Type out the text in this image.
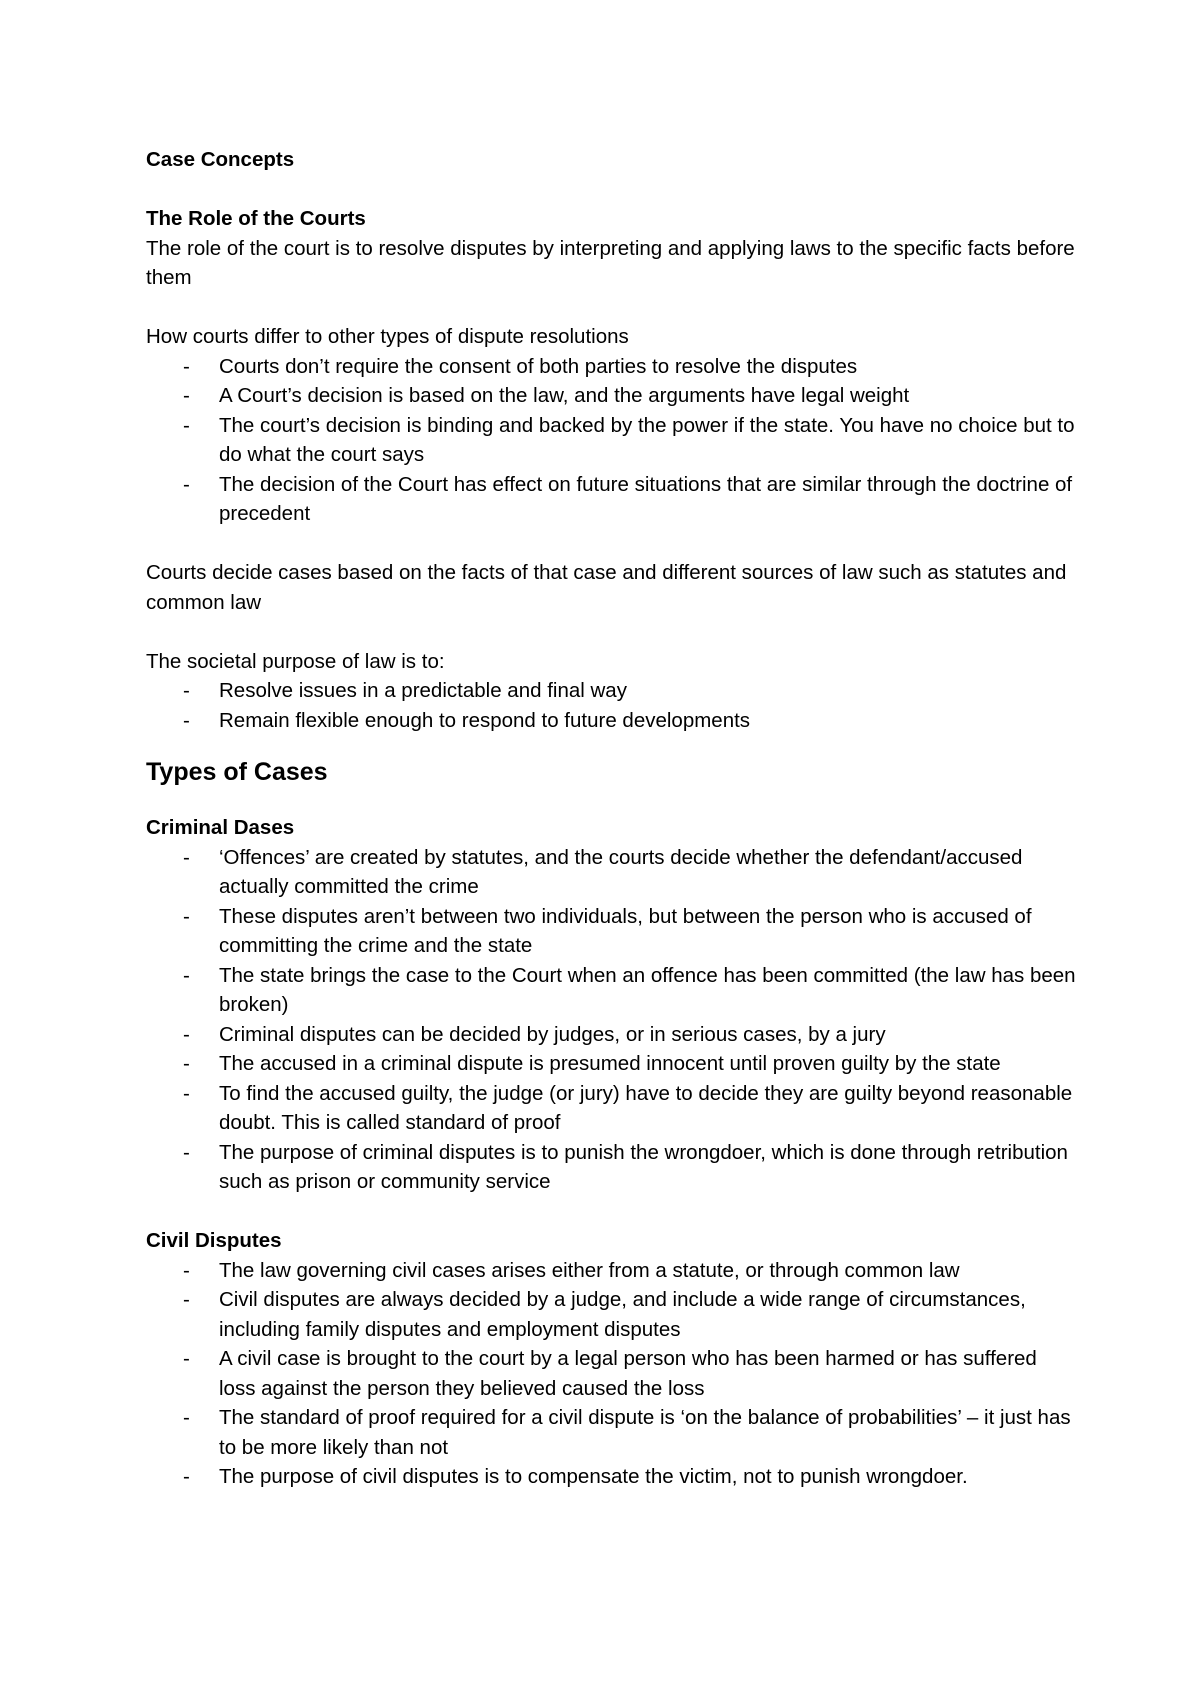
Case Concepts

The Role of the Courts

The role of the court is to resolve disputes by interpreting and applying laws to the specific facts before them

How courts differ to other types of dispute resolutions

- Courts don’t require the consent of both parties to resolve the disputes
- A Court’s decision is based on the law, and the arguments have legal weight
- The court’s decision is binding and backed by the power if the state. You have no choice but to do what the court says
- The decision of the Court has effect on future situations that are similar through the doctrine of precedent

Courts decide cases based on the facts of that case and different sources of law such as statutes and common law

The societal purpose of law is to:

- Resolve issues in a predictable and final way
- Remain flexible enough to respond to future developments

Types of Cases

Criminal Dases

- ‘Offences’ are created by statutes, and the courts decide whether the defendant/accused actually committed the crime
- These disputes aren’t between two individuals, but between the person who is accused of committing the crime and the state
- The state brings the case to the Court when an offence has been committed (the law has been broken)
- Criminal disputes can be decided by judges, or in serious cases, by a jury
- The accused in a criminal dispute is presumed innocent until proven guilty by the state
- To find the accused guilty, the judge (or jury) have to decide they are guilty beyond reasonable doubt. This is called standard of proof
- The purpose of criminal disputes is to punish the wrongdoer, which is done through retribution such as prison or community service

Civil Disputes

- The law governing civil cases arises either from a statute, or through common law
- Civil disputes are always decided by a judge, and include a wide range of circumstances, including family disputes and employment disputes
- A civil case is brought to the court by a legal person who has been harmed or has suffered loss against the person they believed caused the loss
- The standard of proof required for a civil dispute is ‘on the balance of probabilities’ – it just has to be more likely than not
- The purpose of civil disputes is to compensate the victim, not to punish wrongdoer.
